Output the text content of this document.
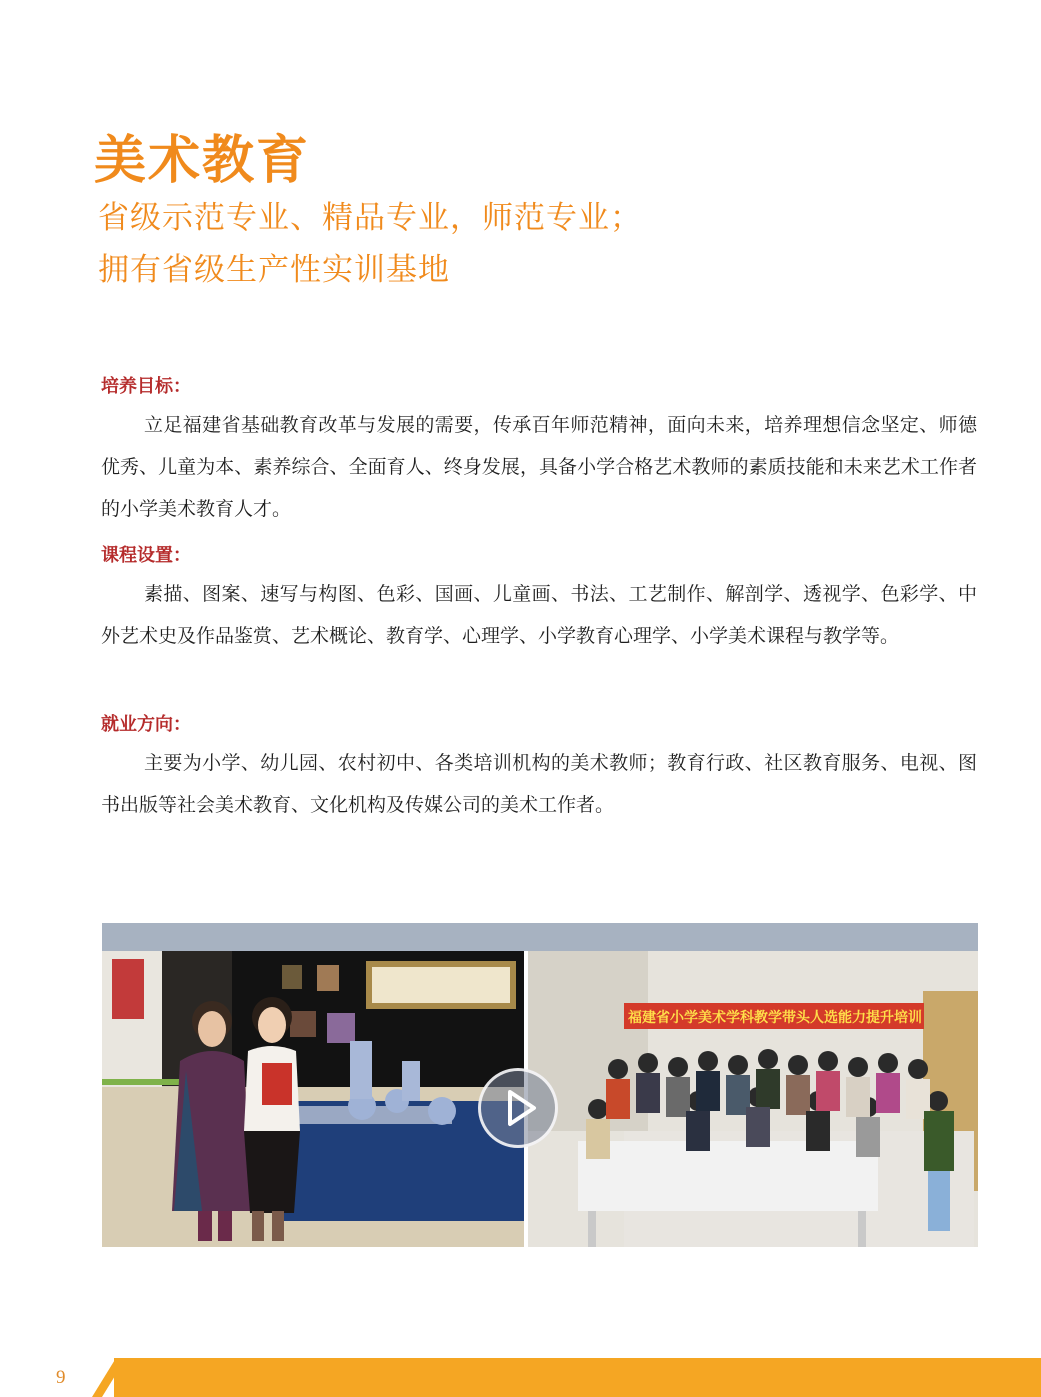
美术教育

省级示范专业、精品专业，师范专业；

拥有省级生产性实训基地

培养目标：

立足福建省基础教育改革与发展的需要，传承百年师范精神，面向未来，培养理想信念坚定、师德优秀、儿童为本、素养综合、全面育人、终身发展，具备小学合格艺术教师的素质技能和未来艺术工作者的小学美术教育人才。

课程设置：

素描、图案、速写与构图、色彩、国画、儿童画、书法、工艺制作、解剖学、透视学、色彩学、中外艺术史及作品鉴赏、艺术概论、教育学、心理学、小学教育心理学、小学美术课程与教学等。

就业方向：

主要为小学、幼儿园、农村初中、各类培训机构的美术教师；教育行政、社区教育服务、电视、图书出版等社会美术教育、文化机构及传媒公司的美术工作者。

福建省小学美术学科教学带头人选能力提升培训
9
